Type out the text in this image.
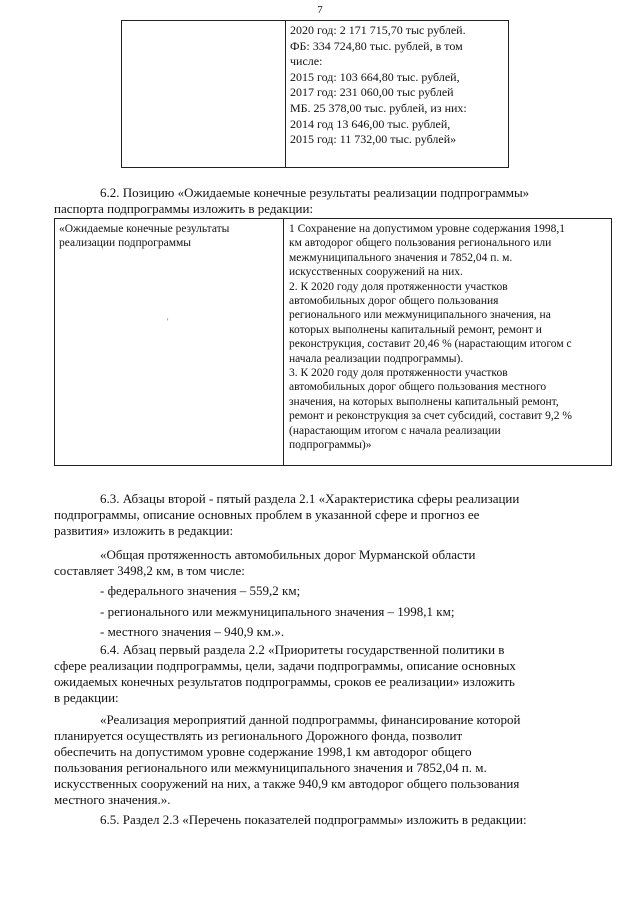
7
2020 год: 2 171 715,70 тыс рублей.
ФБ: 334 724,80 тыс. рублей, в том
числе:
2015 год: 103 664,80 тыс. рублей,
2017 год: 231 060,00 тыс рублей
МБ. 25 378,00 тыс. рублей, из них:
2014 год 13 646,00 тыс. рублей,
2015 год: 11 732,00 тыс. рублей»
6.2. Позицию «Ожидаемые конечные результаты реализации подпрограммы»
паспорта подпрограммы изложить в редакции:
«Ожидаемые конечные результаты
реализации подпрограммы
'
1 Сохранение на допустимом уровне содержания 1998,1
км автодорог общего пользования регионального или
межмуниципального значения и 7852,04 п. м.
искусственных сооружений на них.
2. К 2020 году доля протяженности участков
автомобильных дорог общего пользования
регионального или межмуниципального значения, на
которых выполнены капитальный ремонт, ремонт и
реконструкция, составит 20,46 % (нарастающим итогом с
начала реализации подпрограммы).
3. К 2020 году доля протяженности участков
автомобильных дорог общего пользования местного
значения, на которых выполнены капитальный ремонт,
ремонт и реконструкция за счет субсидий, составит 9,2 %
(нарастающим итогом с начала реализации
подпрограммы)»
6.3. Абзацы второй - пятый раздела 2.1 «Характеристика сферы реализации
подпрограммы, описание основных проблем в указанной сфере и прогноз ее
развития» изложить в редакции:
«Общая протяженность автомобильных дорог Мурманской области
составляет 3498,2 км, в том числе:
- федерального значения – 559,2 км;
- регионального или межмуниципального значения – 1998,1 км;
- местного значения – 940,9 км.».
6.4. Абзац первый раздела 2.2 «Приоритеты государственной политики в
сфере реализации подпрограммы, цели, задачи подпрограммы, описание основных
ожидаемых конечных результатов подпрограммы, сроков ее реализации» изложить
в редакции:
«Реализация мероприятий данной подпрограммы, финансирование которой
планируется осуществлять из регионального Дорожного фонда, позволит
обеспечить на допустимом уровне содержание 1998,1 км автодорог общего
пользования регионального или межмуниципального значения и 7852,04 п. м.
искусственных сооружений на них, а также 940,9 км автодорог общего пользования
местного значения.».
6.5. Раздел 2.3 «Перечень показателей подпрограммы» изложить в редакции:
